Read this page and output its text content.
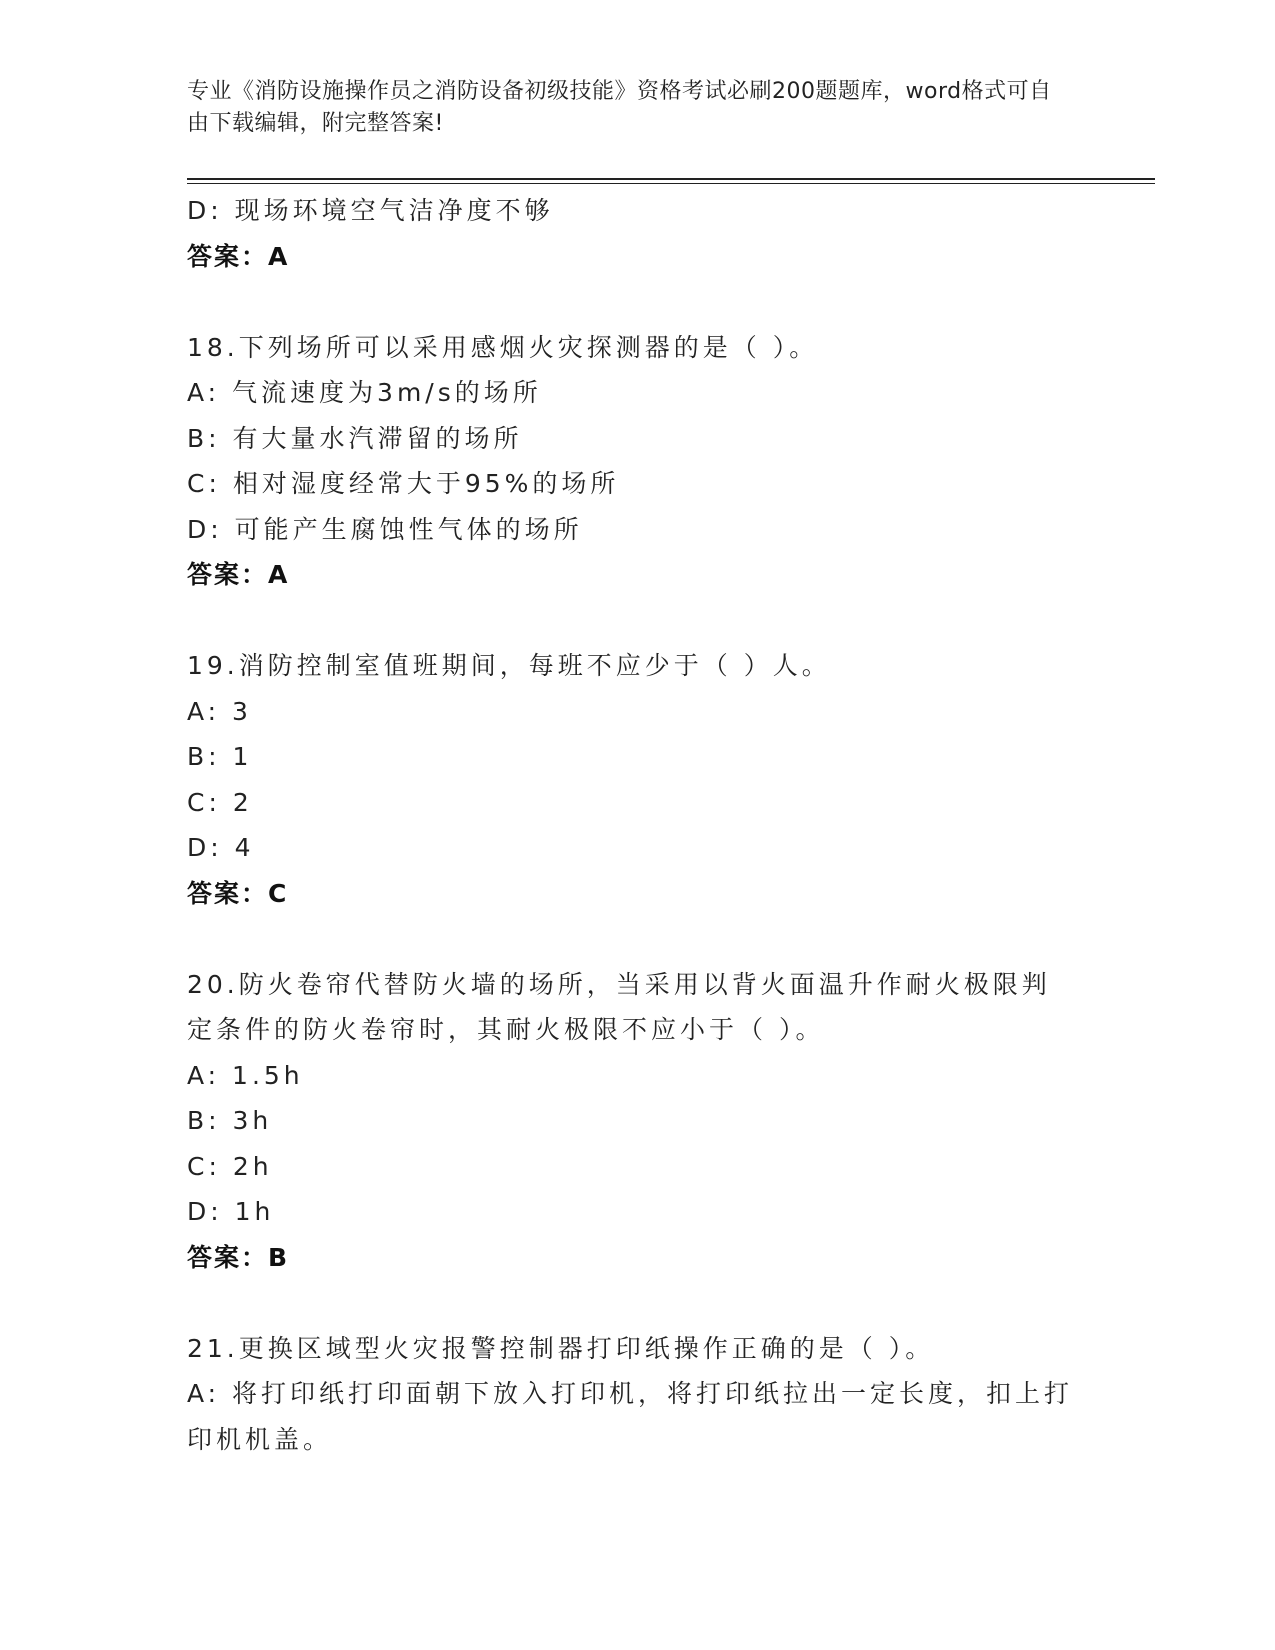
专业《消防设施操作员之消防设备初级技能》资格考试必刷200题题库，word格式可自由下载编辑，附完整答案!
D: 现场环境空气洁净度不够
答案：A
18.下列场所可以采用感烟火灾探测器的是（ ）。
A: 气流速度为3m/s的场所
B: 有大量水汽滞留的场所
C: 相对湿度经常大于95%的场所
D: 可能产生腐蚀性气体的场所
答案：A
19.消防控制室值班期间，每班不应少于（ ）人。
A: 3
B: 1
C: 2
D: 4
答案：C
20.防火卷帘代替防火墙的场所，当采用以背火面温升作耐火极限判定条件的防火卷帘时，其耐火极限不应小于（ ）。
A: 1.5h
B: 3h
C: 2h
D: 1h
答案：B
21.更换区域型火灾报警控制器打印纸操作正确的是（ ）。
A: 将打印纸打印面朝下放入打印机，将打印纸拉出一定长度，扣上打印机机盖。
